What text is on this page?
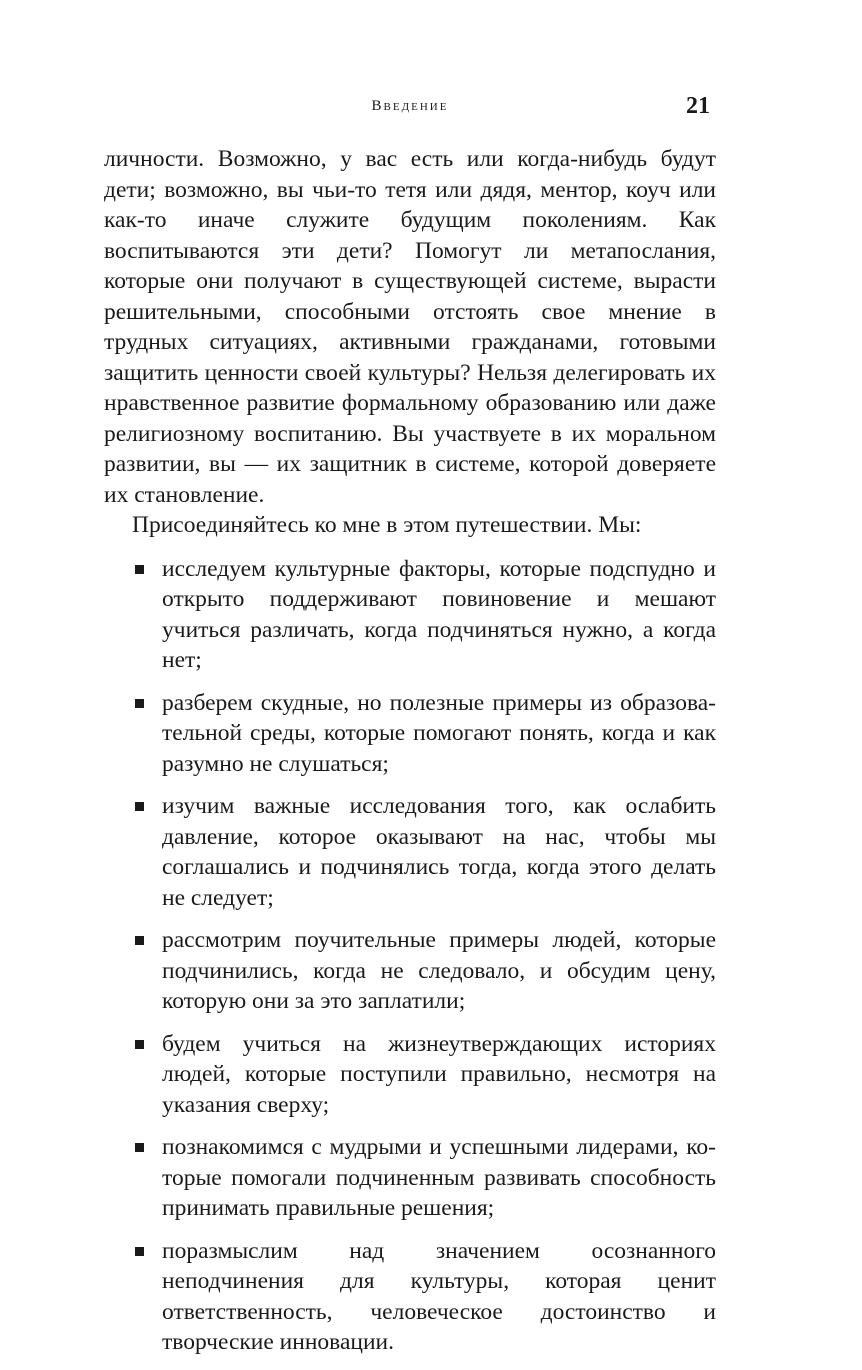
Введение	21

личности. Возможно, у вас есть или когда-нибудь будут дети; возможно, вы чьи-то тетя или дядя, ментор, коуч или как-то иначе служите будущим поколениям. Как воспитываются эти дети? Помогут ли метапослания, которые они получают в существующей системе, вырасти решительными, способными отстоять свое мнение в трудных ситуациях, активными гражданами, готовыми защитить ценности своей культуры? Нельзя делегировать их нравственное развитие формальному образованию или даже религиозному воспитанию. Вы участвуете в их моральном развитии, вы — их защитник в системе, которой доверяете их становление.

Присоединяйтесь ко мне в этом путешествии. Мы:

исследуем культурные факторы, которые подспудно и открыто поддерживают повиновение и мешают учиться различать, когда подчиняться нужно, а когда нет;
разберем скудные, но полезные примеры из образовательной среды, которые помогают понять, когда и как разумно не слушаться;
изучим важные исследования того, как ослабить давление, которое оказывают на нас, чтобы мы соглашались и подчинялись тогда, когда этого делать не следует;
рассмотрим поучительные примеры людей, которые подчинились, когда не следовало, и обсудим цену, которую они за это заплатили;
будем учиться на жизнеутверждающих историях людей, которые поступили правильно, несмотря на указания сверху;
познакомимся с мудрыми и успешными лидерами, которые помогали подчиненным развивать способность принимать правильные решения;
поразмыслим над значением осознанного неподчинения для культуры, которая ценит ответственность, человеческое достоинство и творческие инновации.
